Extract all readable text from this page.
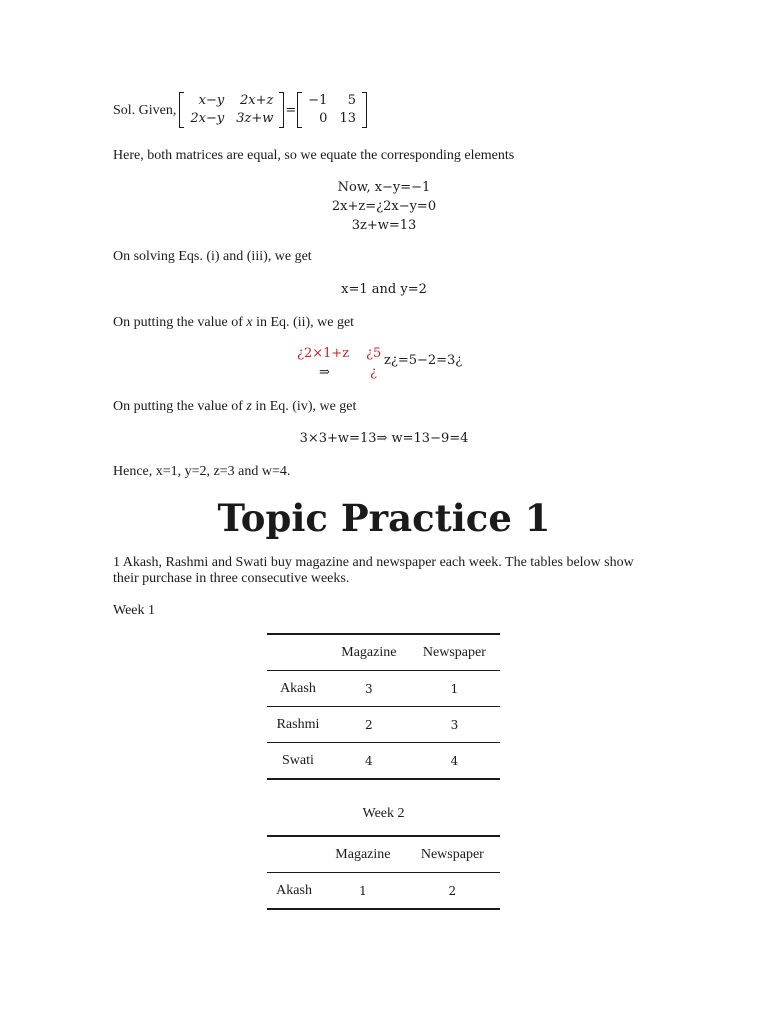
Sol. Given,
x−y	2x+z
2x−y	3z+w
=
−1	5
0	13
Here, both matrices are equal, so we equate the corresponding elements
Now, x−y=−1
2x+z=¿2x−y=0
3z+w=13
On solving Eqs. (i) and (iii), we get
x=1 and y=2
On putting the value of x in Eq. (ii), we get
¿2×1+z
⇒
¿5
¿
z¿=5−2=3¿
On putting the value of z in Eq. (iv), we get
3×3+w=13⇒ w=13−9=4
Hence, x=1, y=2, z=3 and w=4.
Topic Practice 1
1 Akash, Rashmi and Swati buy magazine and newspaper each week. The tables below show their purchase in three consecutive weeks.
Week 1
	Magazine	Newspaper
Akash	3	1
Rashmi	2	3
Swati	4	4
Week 2
	Magazine	Newspaper
Akash	1	2
